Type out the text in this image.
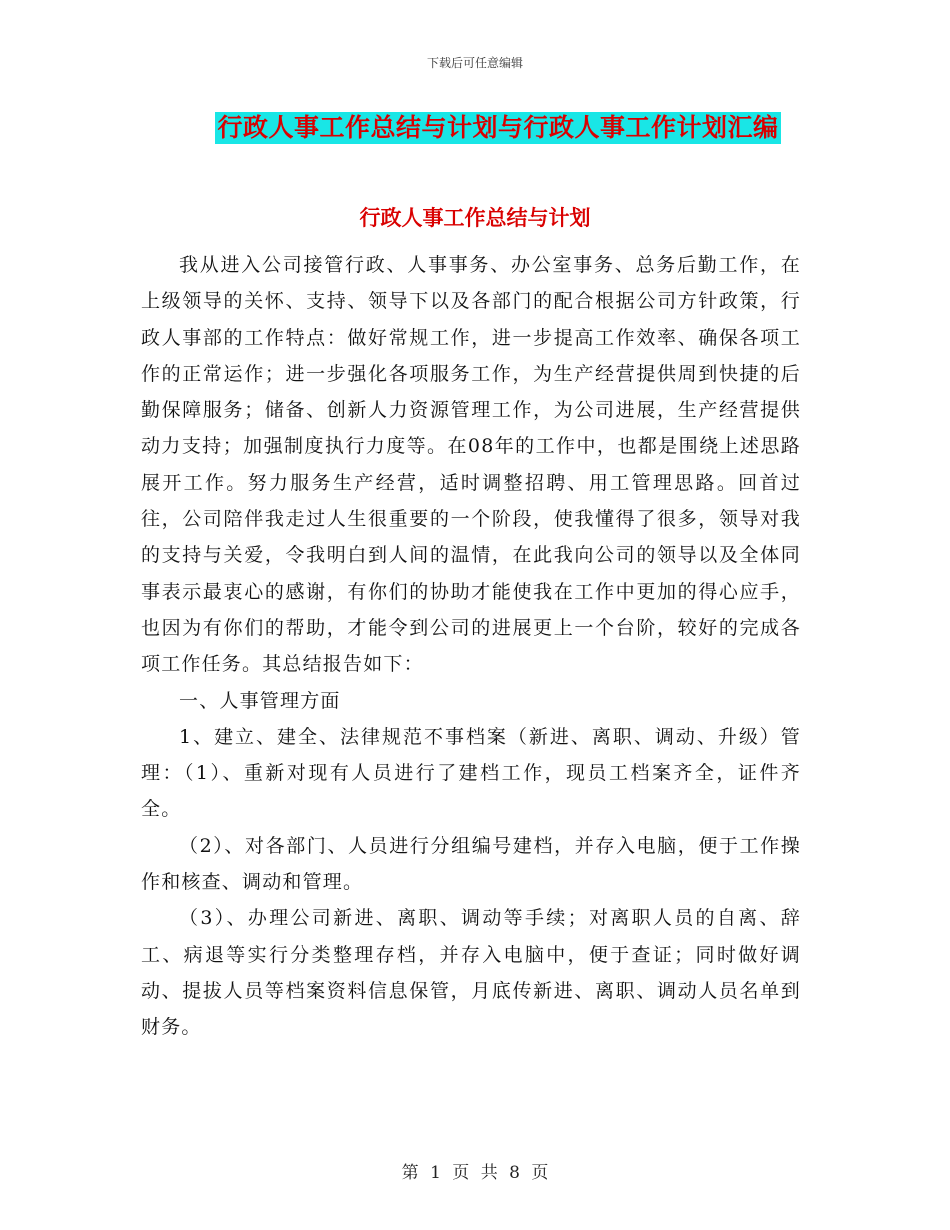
下载后可任意编辑
行政人事工作总结与计划与行政人事工作计划汇编
行政人事工作总结与计划

我从进入公司接管行政、人事事务、办公室事务、总务后勤工作，在上级领导的关怀、支持、领导下以及各部门的配合根据公司方针政策，行政人事部的工作特点：做好常规工作，进一步提高工作效率、确保各项工作的正常运作；进一步强化各项服务工作，为生产经营提供周到快捷的后勤保障服务；储备、创新人力资源管理工作，为公司进展，生产经营提供动力支持；加强制度执行力度等。在08年的工作中，也都是围绕上述思路展开工作。努力服务生产经营，适时调整招聘、用工管理思路。回首过往，公司陪伴我走过人生很重要的一个阶段，使我懂得了很多，领导对我的支持与关爱，令我明白到人间的温情，在此我向公司的领导以及全体同事表示最衷心的感谢，有你们的协助才能使我在工作中更加的得心应手，也因为有你们的帮助，才能令到公司的进展更上一个台阶，较好的完成各项工作任务。其总结报告如下：

一、人事管理方面

1、建立、建全、法律规范不事档案（新进、离职、调动、升级）管理：（1）、重新对现有人员进行了建档工作，现员工档案齐全，证件齐全。

（2）、对各部门、人员进行分组编号建档，并存入电脑，便于工作操作和核查、调动和管理。

（3）、办理公司新进、离职、调动等手续；对离职人员的自离、辞工、病退等实行分类整理存档，并存入电脑中，便于查证；同时做好调动、提拔人员等档案资料信息保管，月底传新进、离职、调动人员名单到财务。

第 1 页 共 8 页
